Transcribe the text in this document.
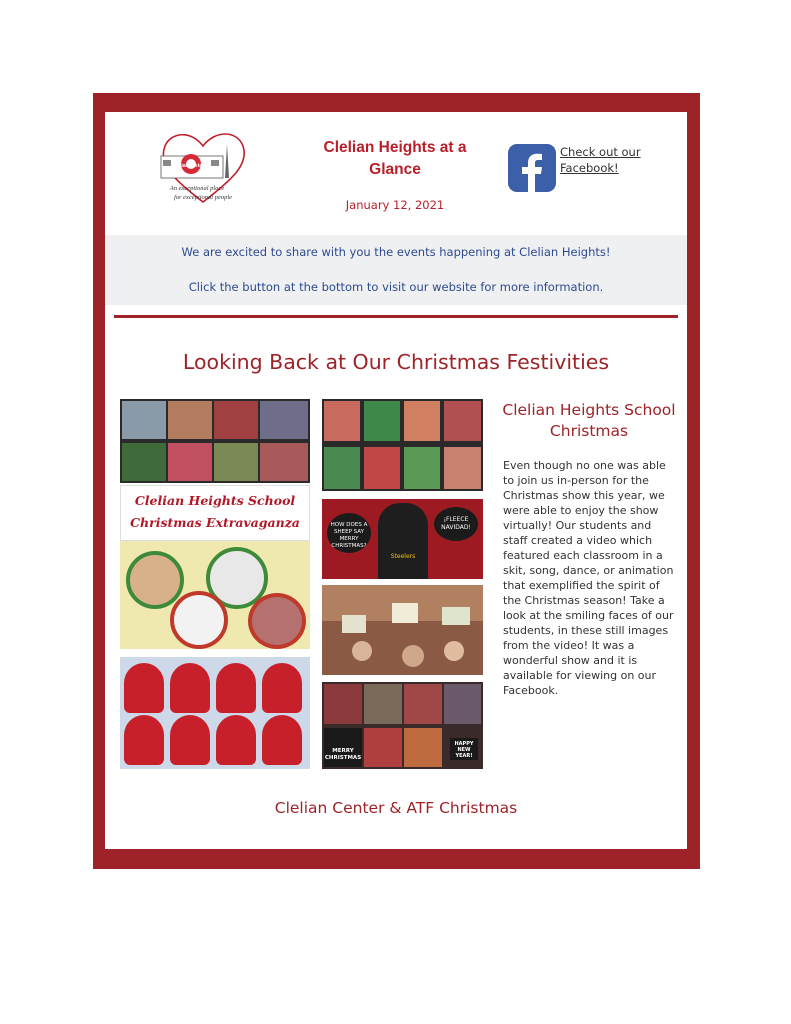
Clelian Heights
An exceptional place
for exceptional people
Clelian Heights at a Glance
January 12, 2021
Check out our Facebook!

We are excited to share with you the events happening at Clelian Heights!

Click the button at the bottom to visit our website for more information.

Looking Back at Our Christmas Festivities
Clelian Heights School
Christmas Extravaganza	HOW DOES A SHEEP SAY MERRY CHRISTMAS?
Steelers
¡FLEECE NAVIDAD!
MERRY CHRISTMAS
HAPPY NEW YEAR!
Clelian Heights School Christmas
Even though no one was able to join us in-person for the Christmas show this year, we were able to enjoy the show virtually! Our students and staff created a video which featured each classroom in a skit, song, dance, or animation that exemplified the spirit of the Christmas season! Take a look at the smiling faces of our students, in these still images from the video! It was a wonderful show and it is available for viewing on our Facebook.
Clelian Center & ATF Christmas
